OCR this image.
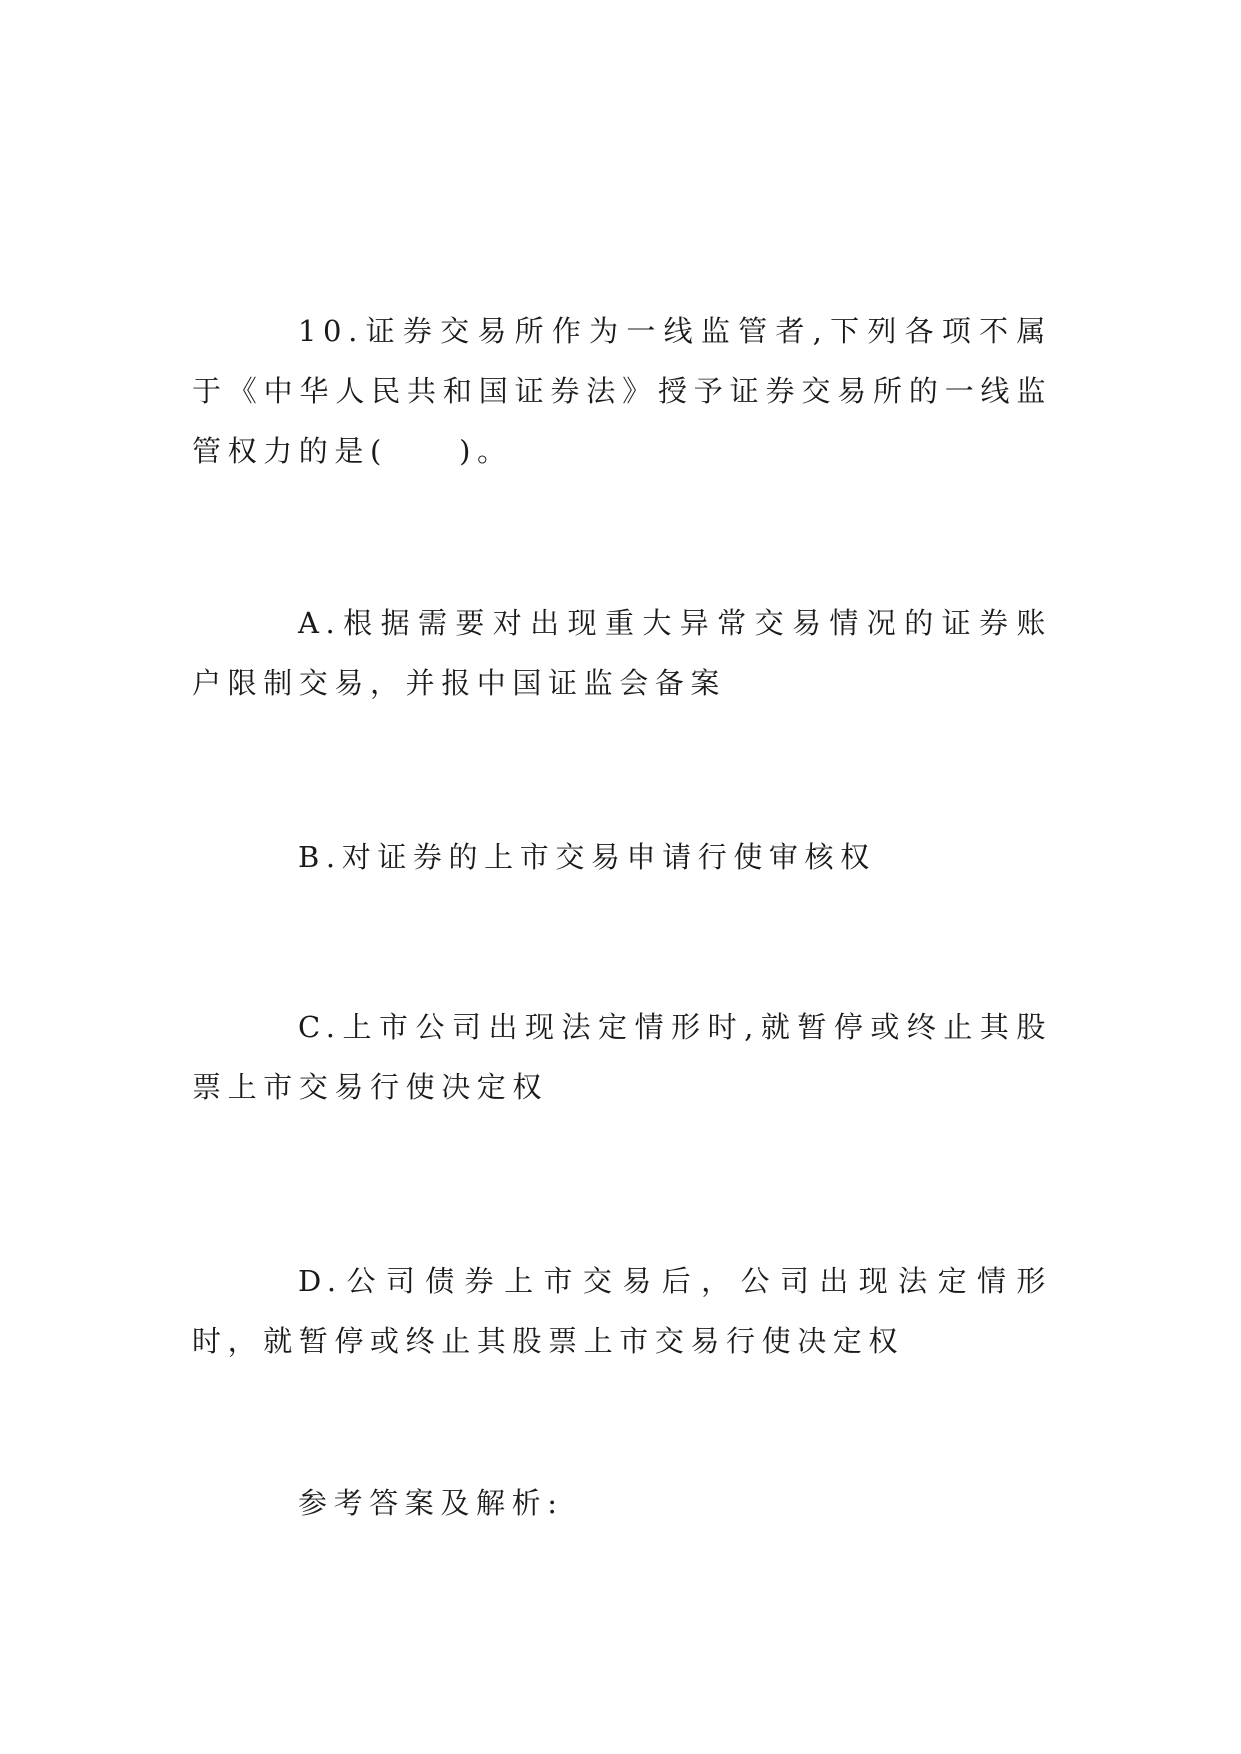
10.证券交易所作为一线监管者,下列各项不属于《中华人民共和国证券法》授予证券交易所的一线监管权力的是(　　)。

A.根据需要对出现重大异常交易情况的证券账户限制交易，并报中国证监会备案

B.对证券的上市交易申请行使审核权

C.上市公司出现法定情形时,就暂停或终止其股票上市交易行使决定权

D.公司债券上市交易后，公司出现法定情形时，就暂停或终止其股票上市交易行使决定权

参考答案及解析:
